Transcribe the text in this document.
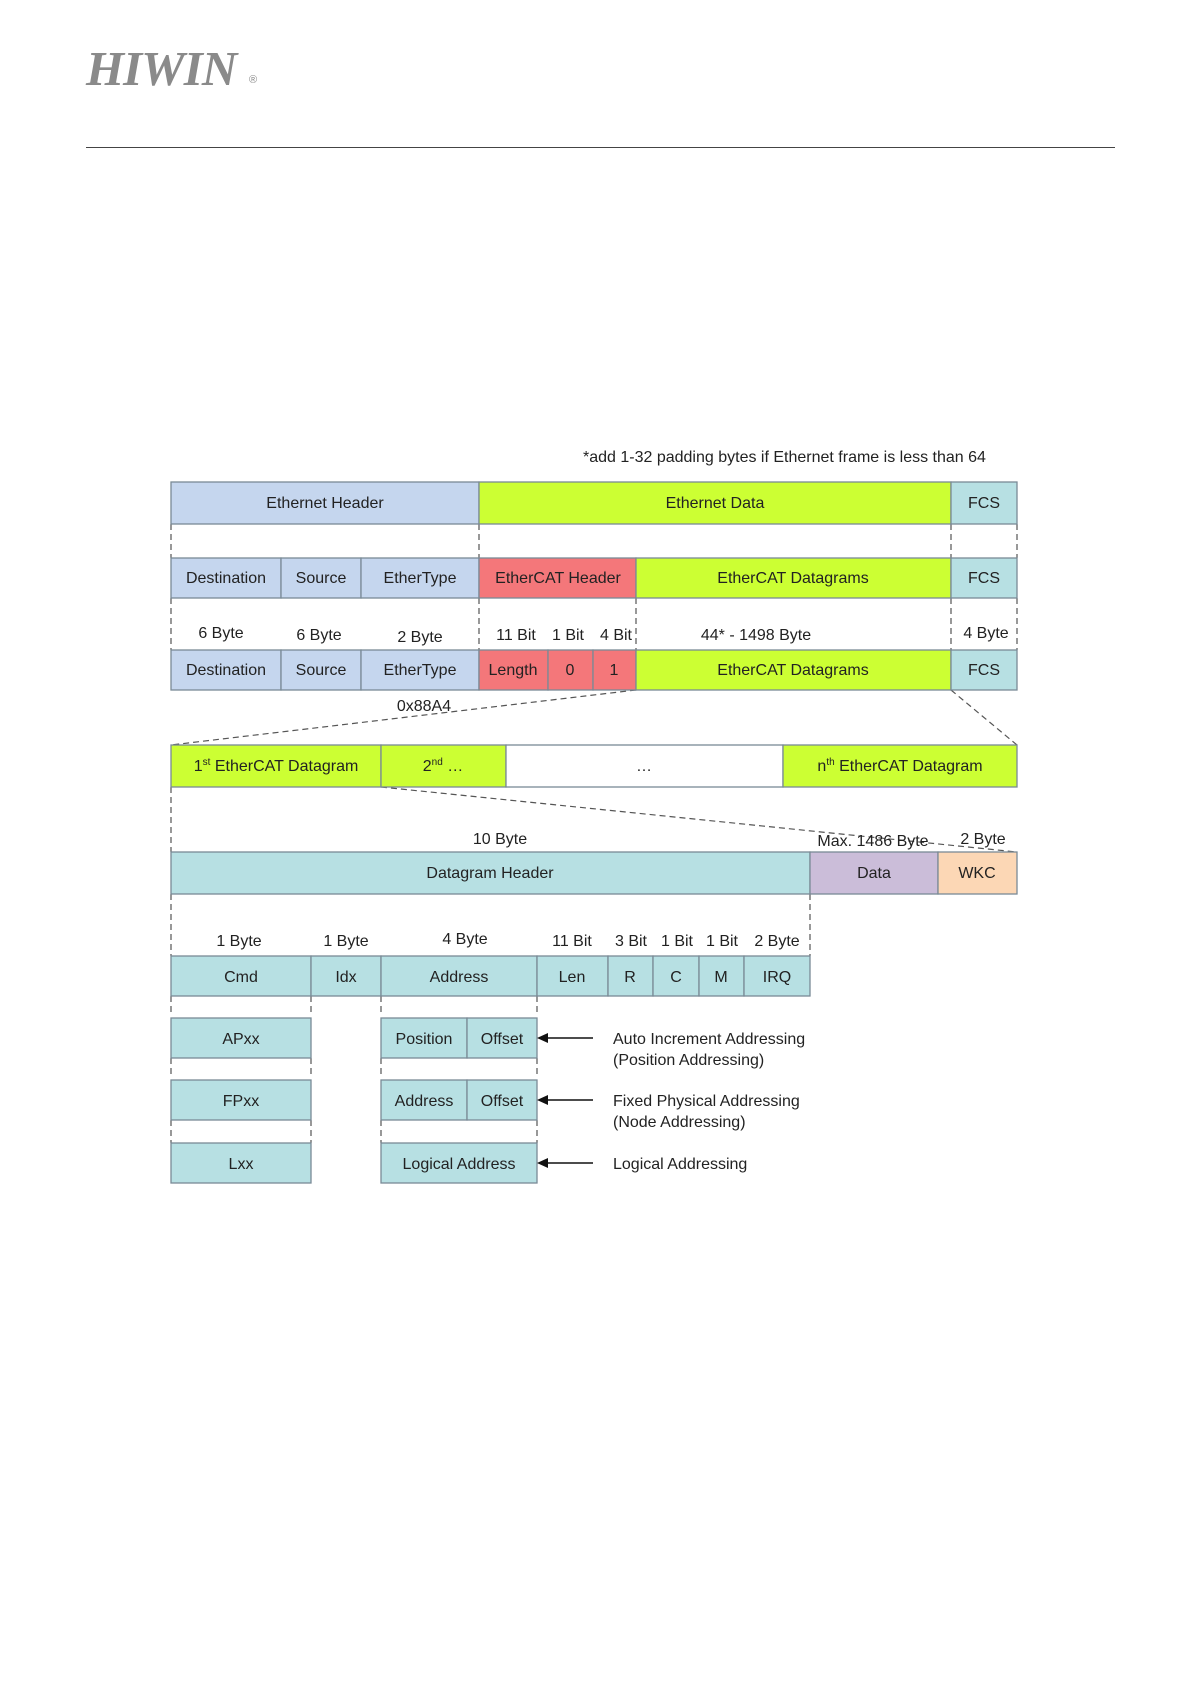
HIWIN ®
*add 1-32 padding bytes if Ethernet frame is less than 64
Ethernet Header	Ethernet Data	FCS
Destination Source EtherType EtherCAT Header	EtherCAT Datagrams	FCS
6 Byte	6 Byte	2 Byte	11 Bit 1 Bit 4 Bit	44* - 1498 Byte	4 Byte
Destination Source EtherType Length 0 1	EtherCAT Datagrams	FCS
0x88A4
1st EtherCAT Datagram	2nd …	…	$n^{th}$ EtherCAT Datagram
10 Byte	Max. 1486 Byte 2 Byte
Datagram Header	Data	WKC
1 Byte	1 Byte	4 Byte	11 Bit 3 Bit 1 Bit 1 Bit 2 Byte
Cmd	Idx	Address	Len R C M IRQ
APxx	Position Offset	Auto Increment Addressing
(Position Addressing)
FPxx	Address Offset	Fixed Physical Addressing
(Node Addressing)
Lxx	Logical Address	Logical Addressing
